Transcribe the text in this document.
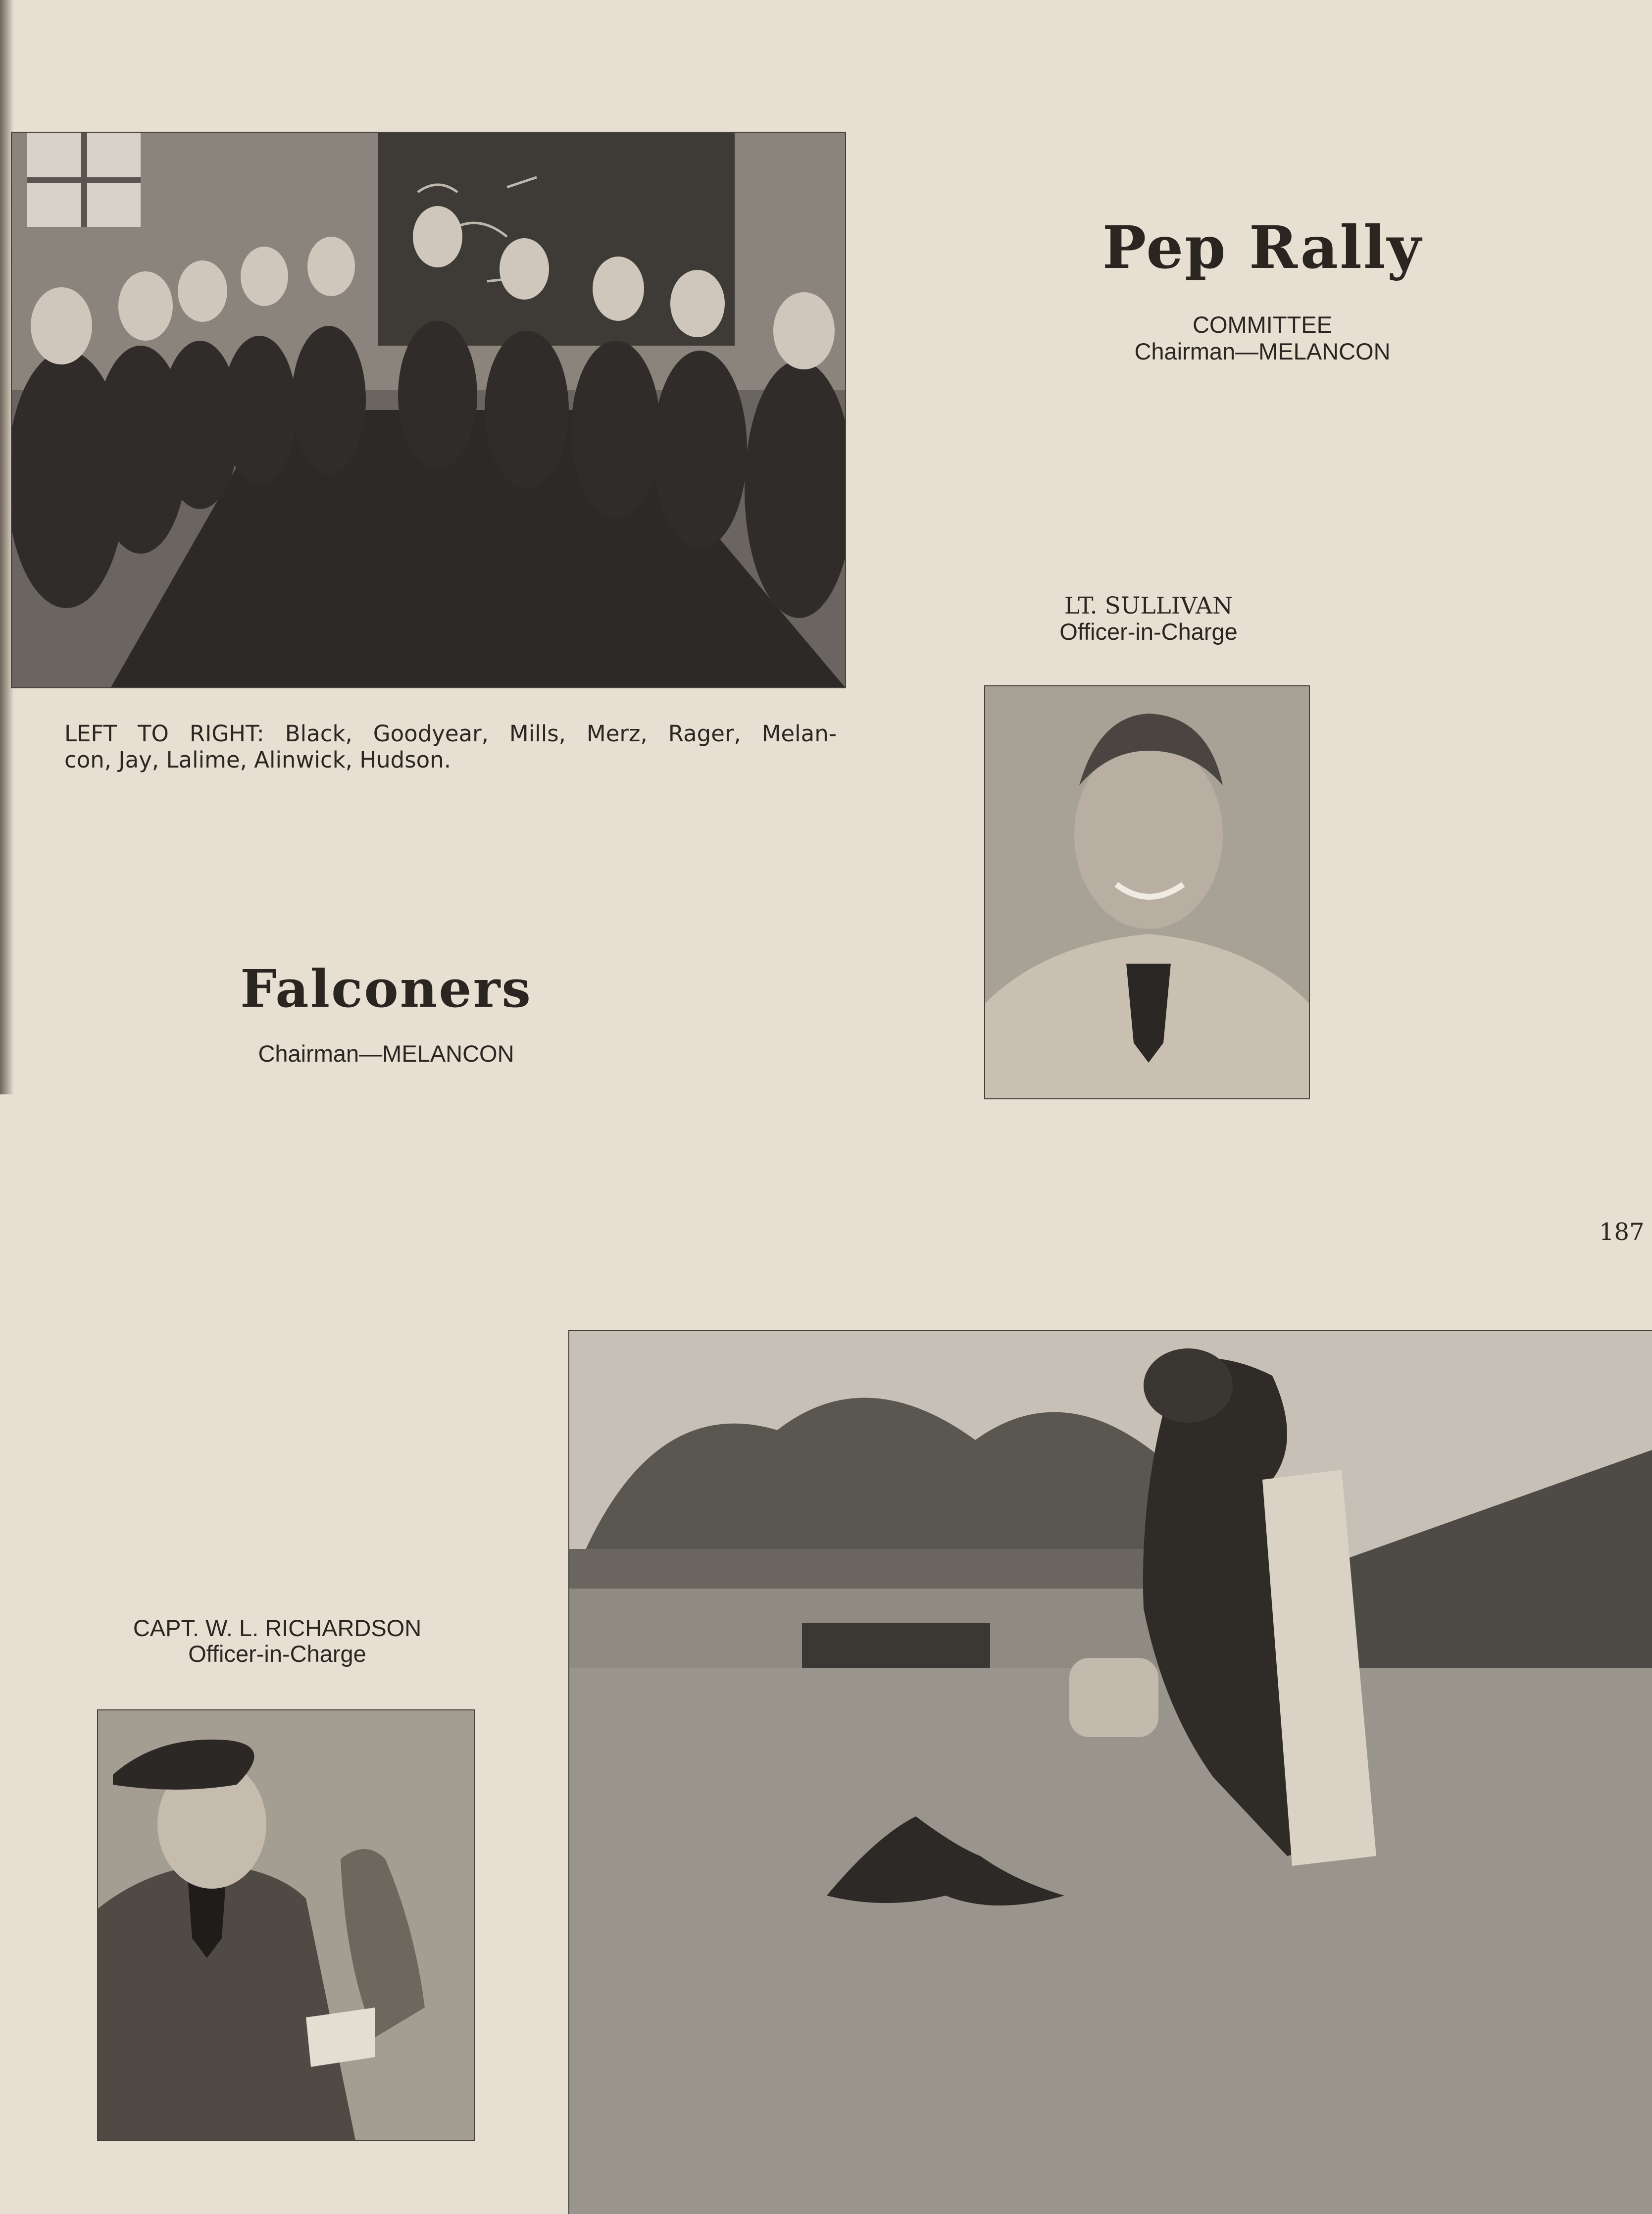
LEFT TO RIGHT: Black, Goodyear, Mills, Merz, Rager, Melan-
con, Jay, Lalime, Alinwick, Hudson.

Pep Rally

COMMITTEE

Chairman—MELANCON

LT. SULLIVAN

Officer-in-Charge

Falconers

Chairman—MELANCON

187

CAPT. W. L. RICHARDSON

Officer-in-Charge
